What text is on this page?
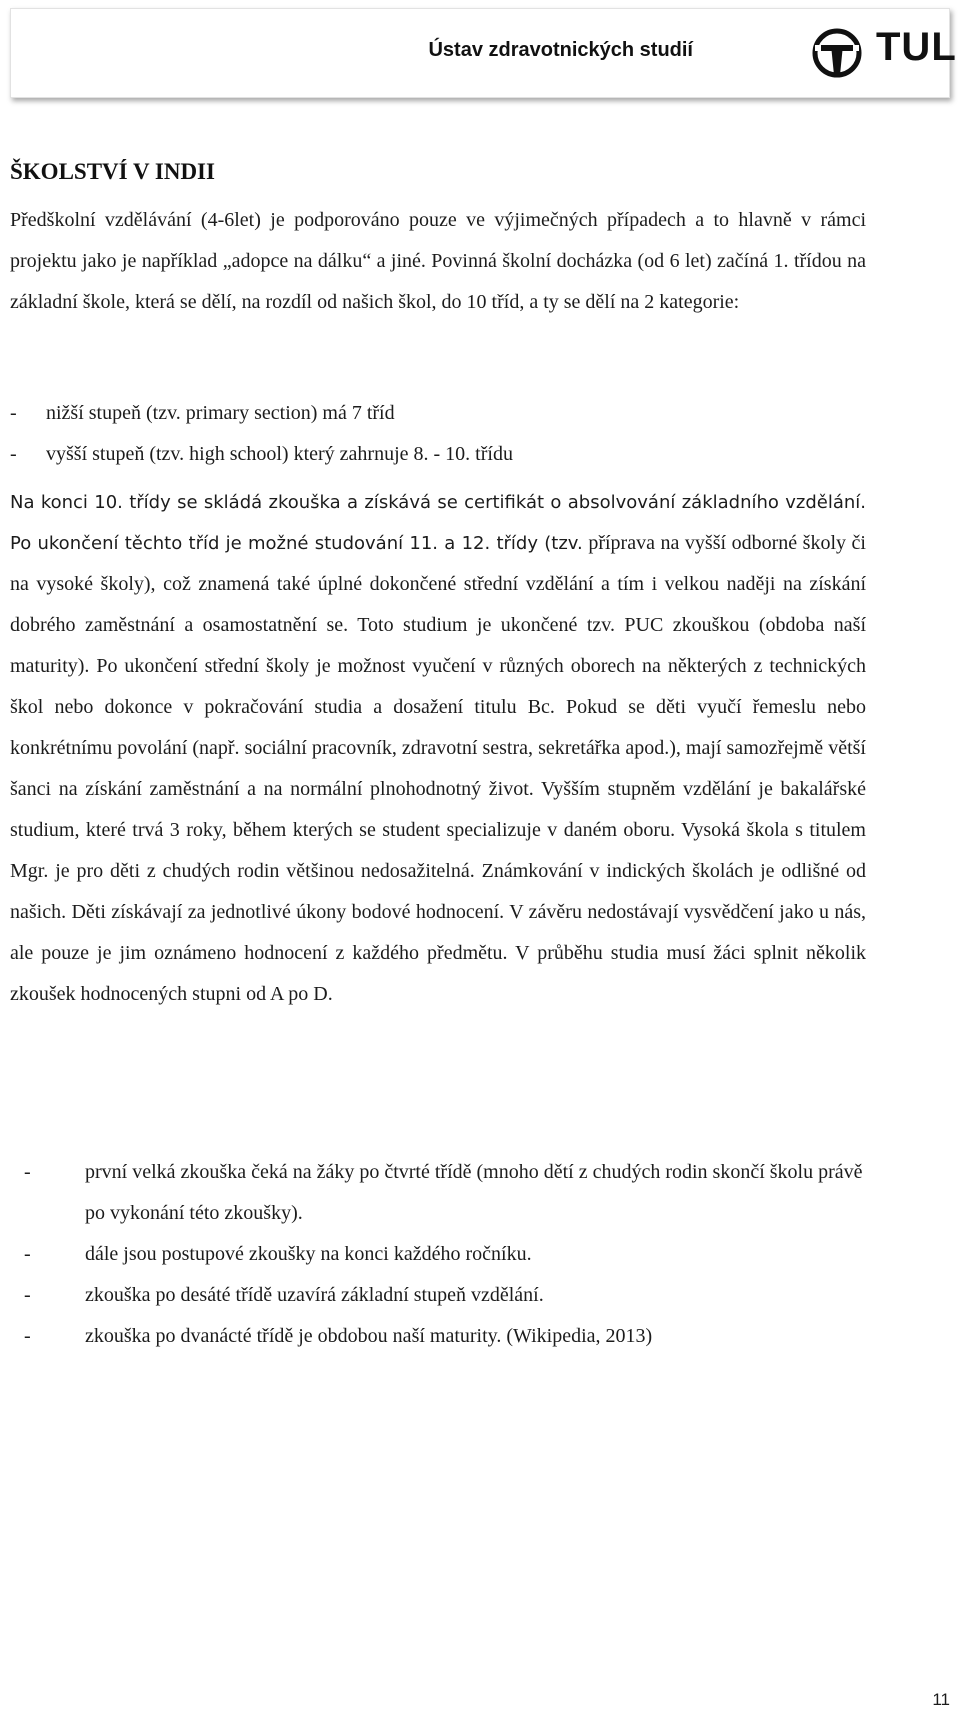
Ústav zdravotnických studií	TUL
ŠKOLSTVÍ V INDII

Předškolní vzdělávání (4-6let) je podporováno pouze ve výjimečných případech a to hlavně v rámci projektu jako je například „adopce na dálku“ a jiné. Povinná školní docházka (od 6 let) začíná 1. třídou na základní škole, která se dělí, na rozdíl od našich škol, do 10 tříd, a ty se dělí na 2 kategorie:

- nižší stupeň (tzv. primary section) má 7 tříd
- vyšší stupeň (tzv. high school) který zahrnuje 8. - 10. třídu

Na konci 10. třídy se skládá zkouška a získává se certifikát o absolvování základního vzdělání. Po ukončení těchto tříd je možné studování 11. a 12. třídy (tzv. příprava na vyšší odborné školy či na vysoké školy), což znamená také úplné dokončené střední vzdělání a tím i velkou naději na získání dobrého zaměstnání a osamostatnění se. Toto studium je ukončené tzv. PUC zkouškou (obdoba naší maturity). Po ukončení střední školy je možnost vyučení v různých oborech na některých z technických škol nebo dokonce v pokračování studia a dosažení titulu Bc. Pokud se děti vyučí řemeslu nebo konkrétnímu povolání (např. sociální pracovník, zdravotní sestra, sekretářka apod.), mají samozřejmě větší šanci na získání zaměstnání a na normální plnohodnotný život. Vyšším stupněm vzdělání je bakalářské studium, které trvá 3 roky, během kterých se student specializuje v daném oboru. Vysoká škola s titulem Mgr. je pro děti z chudých rodin většinou nedosažitelná. Známkování v indických školách je odlišné od našich. Děti získávají za jednotlivé úkony bodové hodnocení. V závěru nedostávají vysvědčení jako u nás, ale pouze je jim oznámeno hodnocení z každého předmětu. V průběhu studia musí žáci splnit několik zkoušek hodnocených stupni od A po D.

-	první velká zkouška čeká na žáky po čtvrté třídě (mnoho dětí z chudých rodin skončí školu právě po vykonání této zkoušky).
-	dále jsou postupové zkoušky na konci každého ročníku.
-	zkouška po desáté třídě uzavírá základní stupeň vzdělání.
-	zkouška po dvanácté třídě je obdobou naší maturity. (Wikipedia, 2013)
11
